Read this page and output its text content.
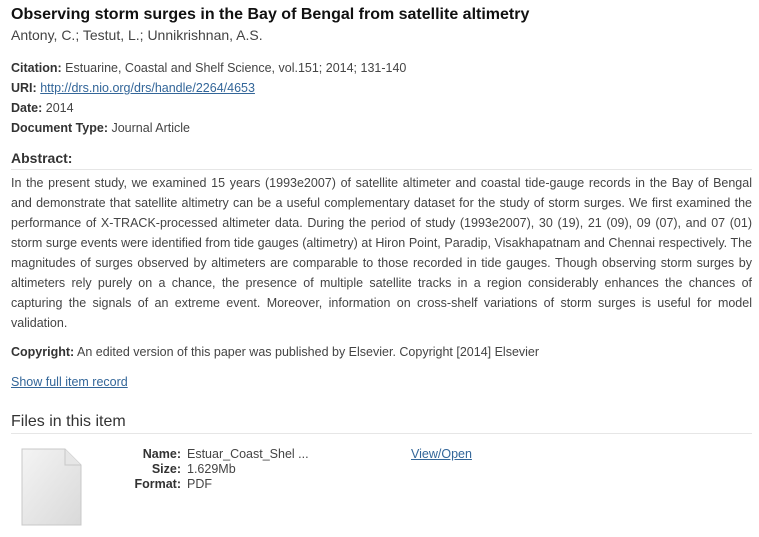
Observing storm surges in the Bay of Bengal from satellite altimetry
Antony, C.; Testut, L.; Unnikrishnan, A.S.
Citation: Estuarine, Coastal and Shelf Science, vol.151; 2014; 131-140
URI: http://drs.nio.org/drs/handle/2264/4653
Date: 2014
Document Type: Journal Article
Abstract:

In the present study, we examined 15 years (1993e2007) of satellite altimeter and coastal tide-gauge records in the Bay of Bengal and demonstrate that satellite altimetry can be a useful complementary dataset for the study of storm surges. We first examined the performance of X-TRACK-processed altimeter data. During the period of study (1993e2007), 30 (19), 21 (09), 09 (07), and 07 (01) storm surge events were identified from tide gauges (altimetry) at Hiron Point, Paradip, Visakhapatnam and Chennai respectively. The magnitudes of surges observed by altimeters are comparable to those recorded in tide gauges. Though observing storm surges by altimeters rely purely on a chance, the presence of multiple satellite tracks in a region considerably enhances the chances of capturing the signals of an extreme event. Moreover, information on cross-shelf variations of storm surges is useful for model validation.

Copyright: An edited version of this paper was published by Elsevier. Copyright [2014] Elsevier
Show full item record
Files in this item
Name: Estuar_Coast_Shel ...
Size: 1.629Mb
Format: PDF
View/Open
